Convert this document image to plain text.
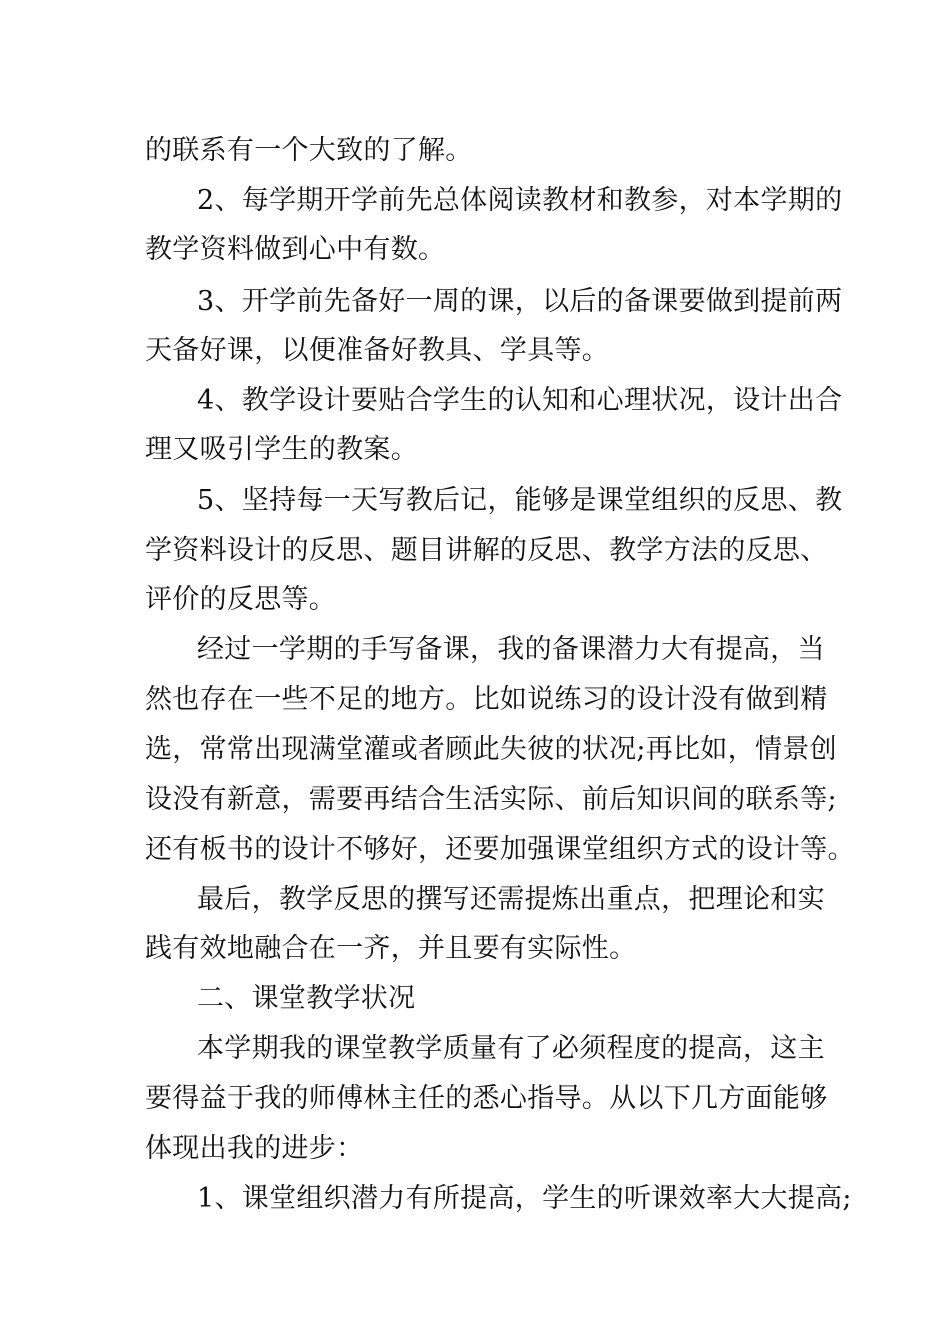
的联系有一个大致的了解。
2、每学期开学前先总体阅读教材和教参，对本学期的
教学资料做到心中有数。
3、开学前先备好一周的课，以后的备课要做到提前两
天备好课，以便准备好教具、学具等。
4、教学设计要贴合学生的认知和心理状况，设计出合
理又吸引学生的教案。
5、坚持每一天写教后记，能够是课堂组织的反思、教
学资料设计的反思、题目讲解的反思、教学方法的反思、
评价的反思等。
经过一学期的手写备课，我的备课潜力大有提高，当
然也存在一些不足的地方。比如说练习的设计没有做到精
选，常常出现满堂灌或者顾此失彼的状况;再比如，情景创
设没有新意，需要再结合生活实际、前后知识间的联系等;
还有板书的设计不够好，还要加强课堂组织方式的设计等。
最后，教学反思的撰写还需提炼出重点，把理论和实
践有效地融合在一齐，并且要有实际性。
二、课堂教学状况
本学期我的课堂教学质量有了必须程度的提高，这主
要得益于我的师傅林主任的悉心指导。从以下几方面能够
体现出我的进步：
1、课堂组织潜力有所提高，学生的听课效率大大提高;
